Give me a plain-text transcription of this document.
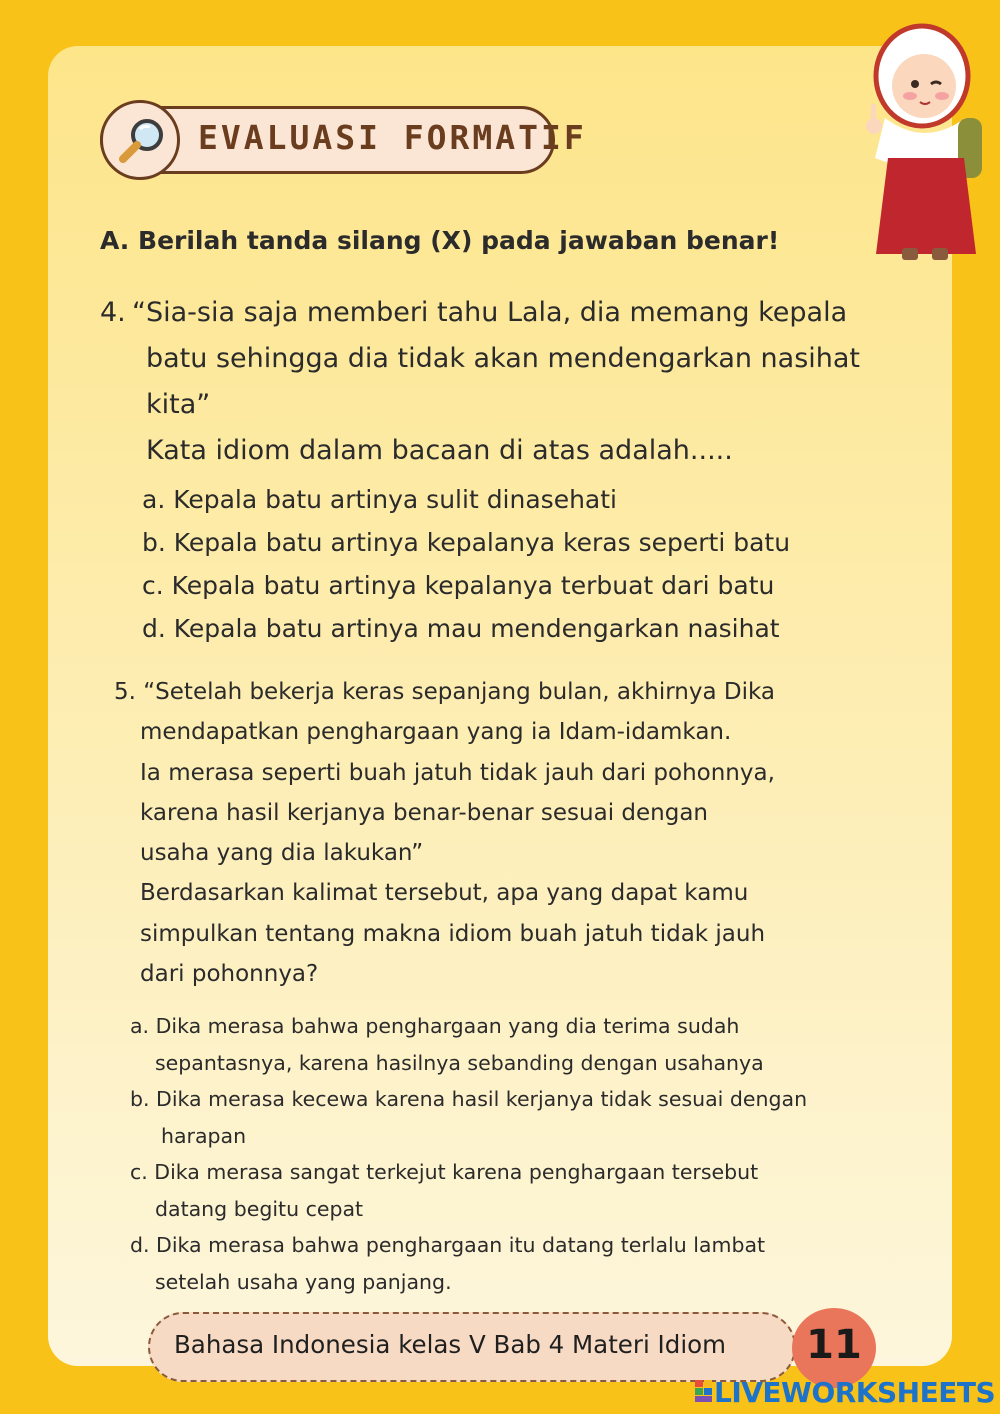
EVALUASI FORMATIF
A. Berilah tanda silang (X) pada jawaban benar!
4. “Sia-sia saja memberi tahu Lala, dia memang kepala
batu sehingga dia tidak akan mendengarkan nasihat
kita”
Kata idiom dalam bacaan di atas adalah.....
a. Kepala batu artinya sulit dinasehati
b. Kepala batu artinya kepalanya keras seperti batu
c. Kepala batu artinya kepalanya terbuat dari batu
d. Kepala batu artinya mau mendengarkan nasihat
5. “Setelah bekerja keras sepanjang bulan, akhirnya Dika
mendapatkan penghargaan yang ia Idam-idamkan.
Ia merasa seperti buah jatuh tidak jauh dari pohonnya,
karena hasil kerjanya benar-benar sesuai dengan
usaha yang dia lakukan”
Berdasarkan kalimat tersebut, apa yang dapat kamu
simpulkan tentang makna idiom buah jatuh tidak jauh
dari pohonnya?
a. Dika merasa bahwa penghargaan yang dia terima sudah
sepantasnya, karena hasilnya sebanding dengan usahanya
b. Dika merasa kecewa karena hasil kerjanya tidak sesuai dengan
harapan
c. Dika merasa sangat terkejut karena penghargaan tersebut
datang begitu cepat
d. Dika merasa bahwa penghargaan itu datang terlalu lambat
setelah usaha yang panjang.
Bahasa Indonesia kelas V Bab 4 Materi Idiom	11
LIVEWORKSHEETS
